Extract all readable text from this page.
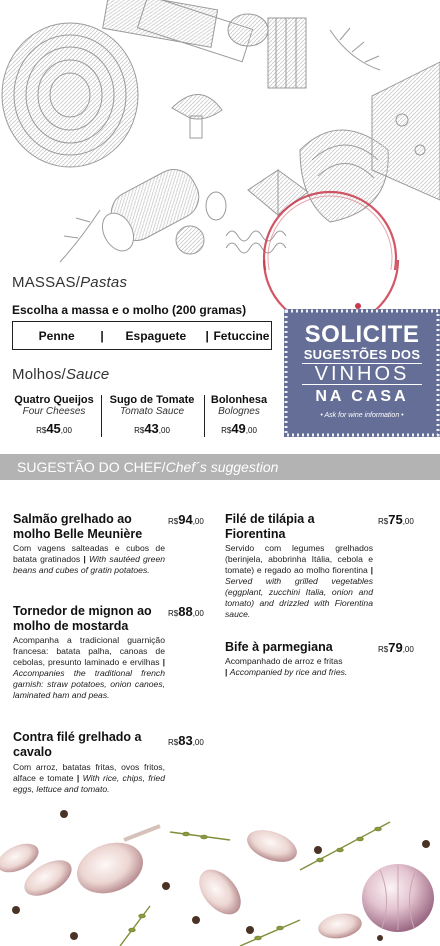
MASSAS/Pastas
Escolha a massa e o molho (200 gramas)
Penne	|	Espaguete	| Fetuccine
Molhos/Sauce
Quatro Queijos
Four Cheeses
R$45,00
Sugo de Tomate
Tomato Sauce
R$43,00
Bolonhesa
Bolognes
R$49,00
SOLICITE
SUGESTÕES DOS
VINHOS
NA CASA
• Ask for wine information •
SUGESTÃO DO CHEF/Chef´s suggestion
Salmão grelhado ao molho Belle Meunière
Com vagens salteadas e cubos de batata gratinados | With sautéed green beans and cubes of gratin potatoes.
R$94,00
Tornedor de mignon ao molho de mostarda
Acompanha a tradicional guarnição francesa: batata palha, canoas de cebolas, presunto laminado e ervilhas | Accompanies the traditional french garnish: straw potatoes, onion canoes, laminated ham and peas.
R$88,00
Contra filé grelhado a cavalo
Com arroz, batatas fritas, ovos fritos, alface e tomate | With rice, chips, fried eggs, lettuce and tomato.
R$83,00
Filé de tilápia a Fiorentina
Servido com legumes grelhados (berinjela, abobrinha Itália, cebola e tomate) e regado ao molho fiorentina | Served with grilled vegetables (eggplant, zucchini Italia, onion and tomato) and drizzled with Fiorentina sauce.
R$75,00
Bife à parmegiana
Acompanhado de arroz e fritas
| Accompanied by rice and fries.
R$79,00
